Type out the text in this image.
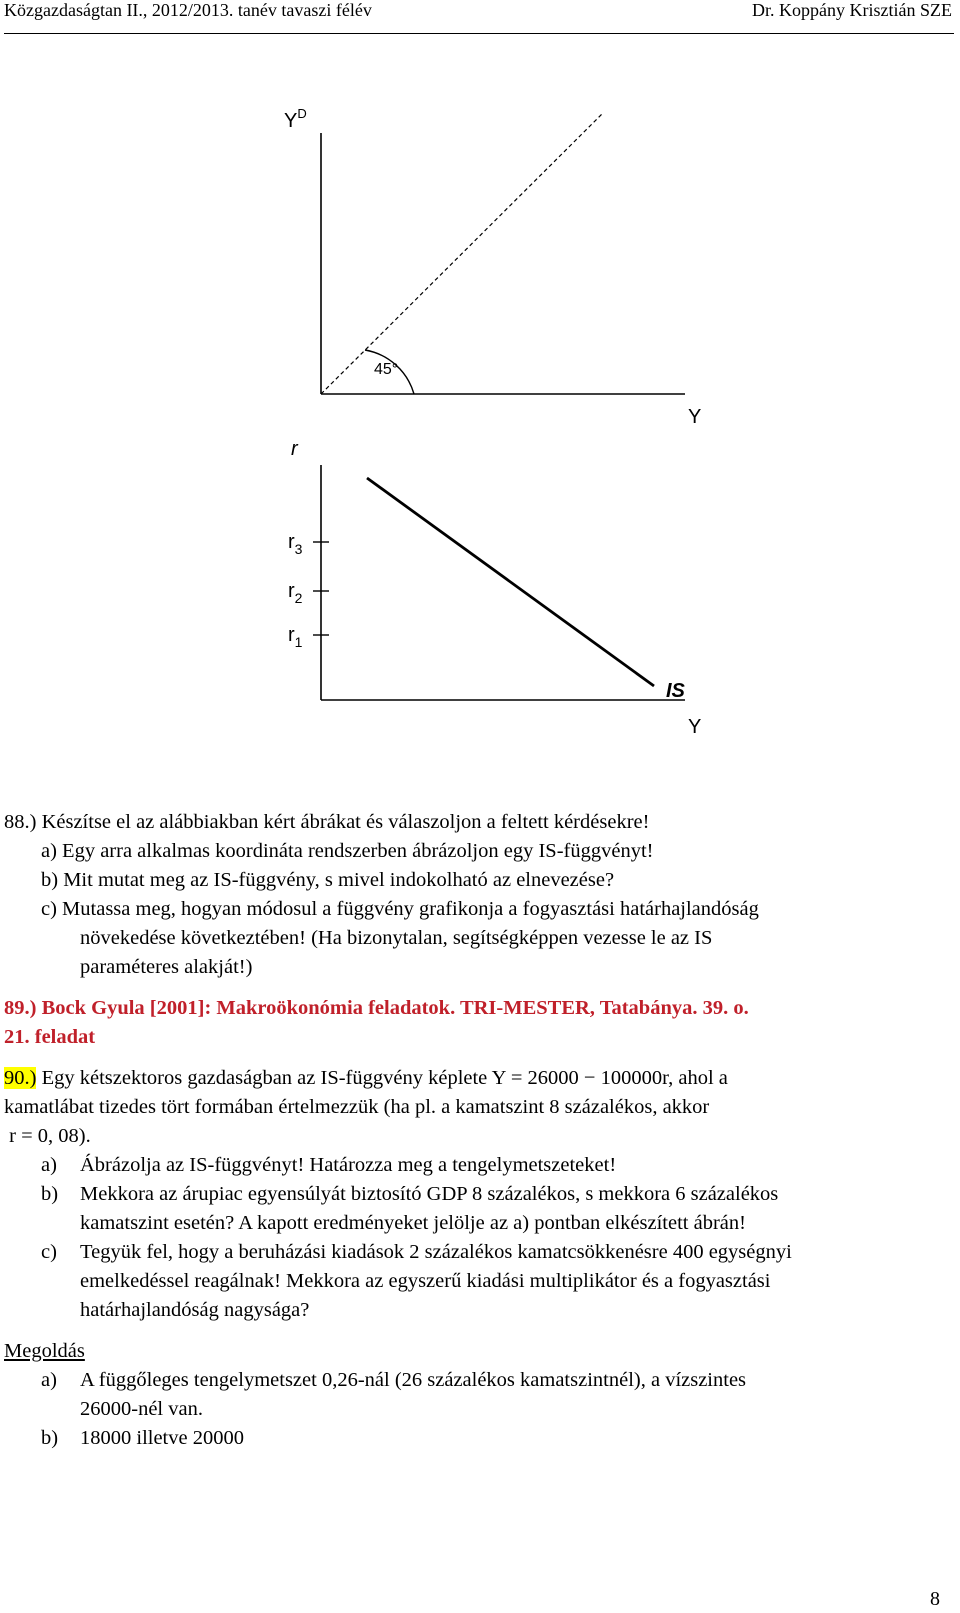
Közgazdaságtan II., 2012/2013. tanév tavaszi félév	Dr. Koppány Krisztián SZE
$Y^D$
45°
Y
r
$r_3$
$r_2$
$r_1$
IS
Y
88.) Készítse el az alábbiakban kért ábrákat és válaszoljon a feltett kérdésekre!
a) Egy arra alkalmas koordináta rendszerben ábrázoljon egy IS-függvényt!
b) Mit mutat meg az IS-függvény, s mivel indokolható az elnevezése?
c) Mutassa meg, hogyan módosul a függvény grafikonja a fogyasztási határhajlandóság
növekedése következtében! (Ha bizonytalan, segítségképpen vezesse le az IS
paraméteres alakját!)
89.) Bock Gyula [2001]: Makroökonómia feladatok. TRI-MESTER, Tatabánya. 39. o.
21. feladat
90.) Egy kétszektoros gazdaságban az IS-függvény képlete Y = 26000 − 100000r, ahol a
kamatlábat tizedes tört formában értelmezzük (ha pl. a kamatszint 8 százalékos, akkor
r = 0, 08).
a)	Ábrázolja az IS-függvényt! Határozza meg a tengelymetszeteket!
b)	Mekkora az árupiac egyensúlyát biztosító GDP 8 százalékos, s mekkora 6 százalékos
kamatszint esetén? A kapott eredményeket jelölje az a) pontban elkészített ábrán!
c)	Tegyük fel, hogy a beruházási kiadások 2 százalékos kamatcsökkenésre 400 egységnyi
emelkedéssel reagálnak! Mekkora az egyszerű kiadási multiplikátor és a fogyasztási
határhajlandóság nagysága?
Megoldás
a)	A függőleges tengelymetszet 0,26-nál (26 százalékos kamatszintnél), a vízszintes
26000-nél van.
b)	18000 illetve 20000
8
